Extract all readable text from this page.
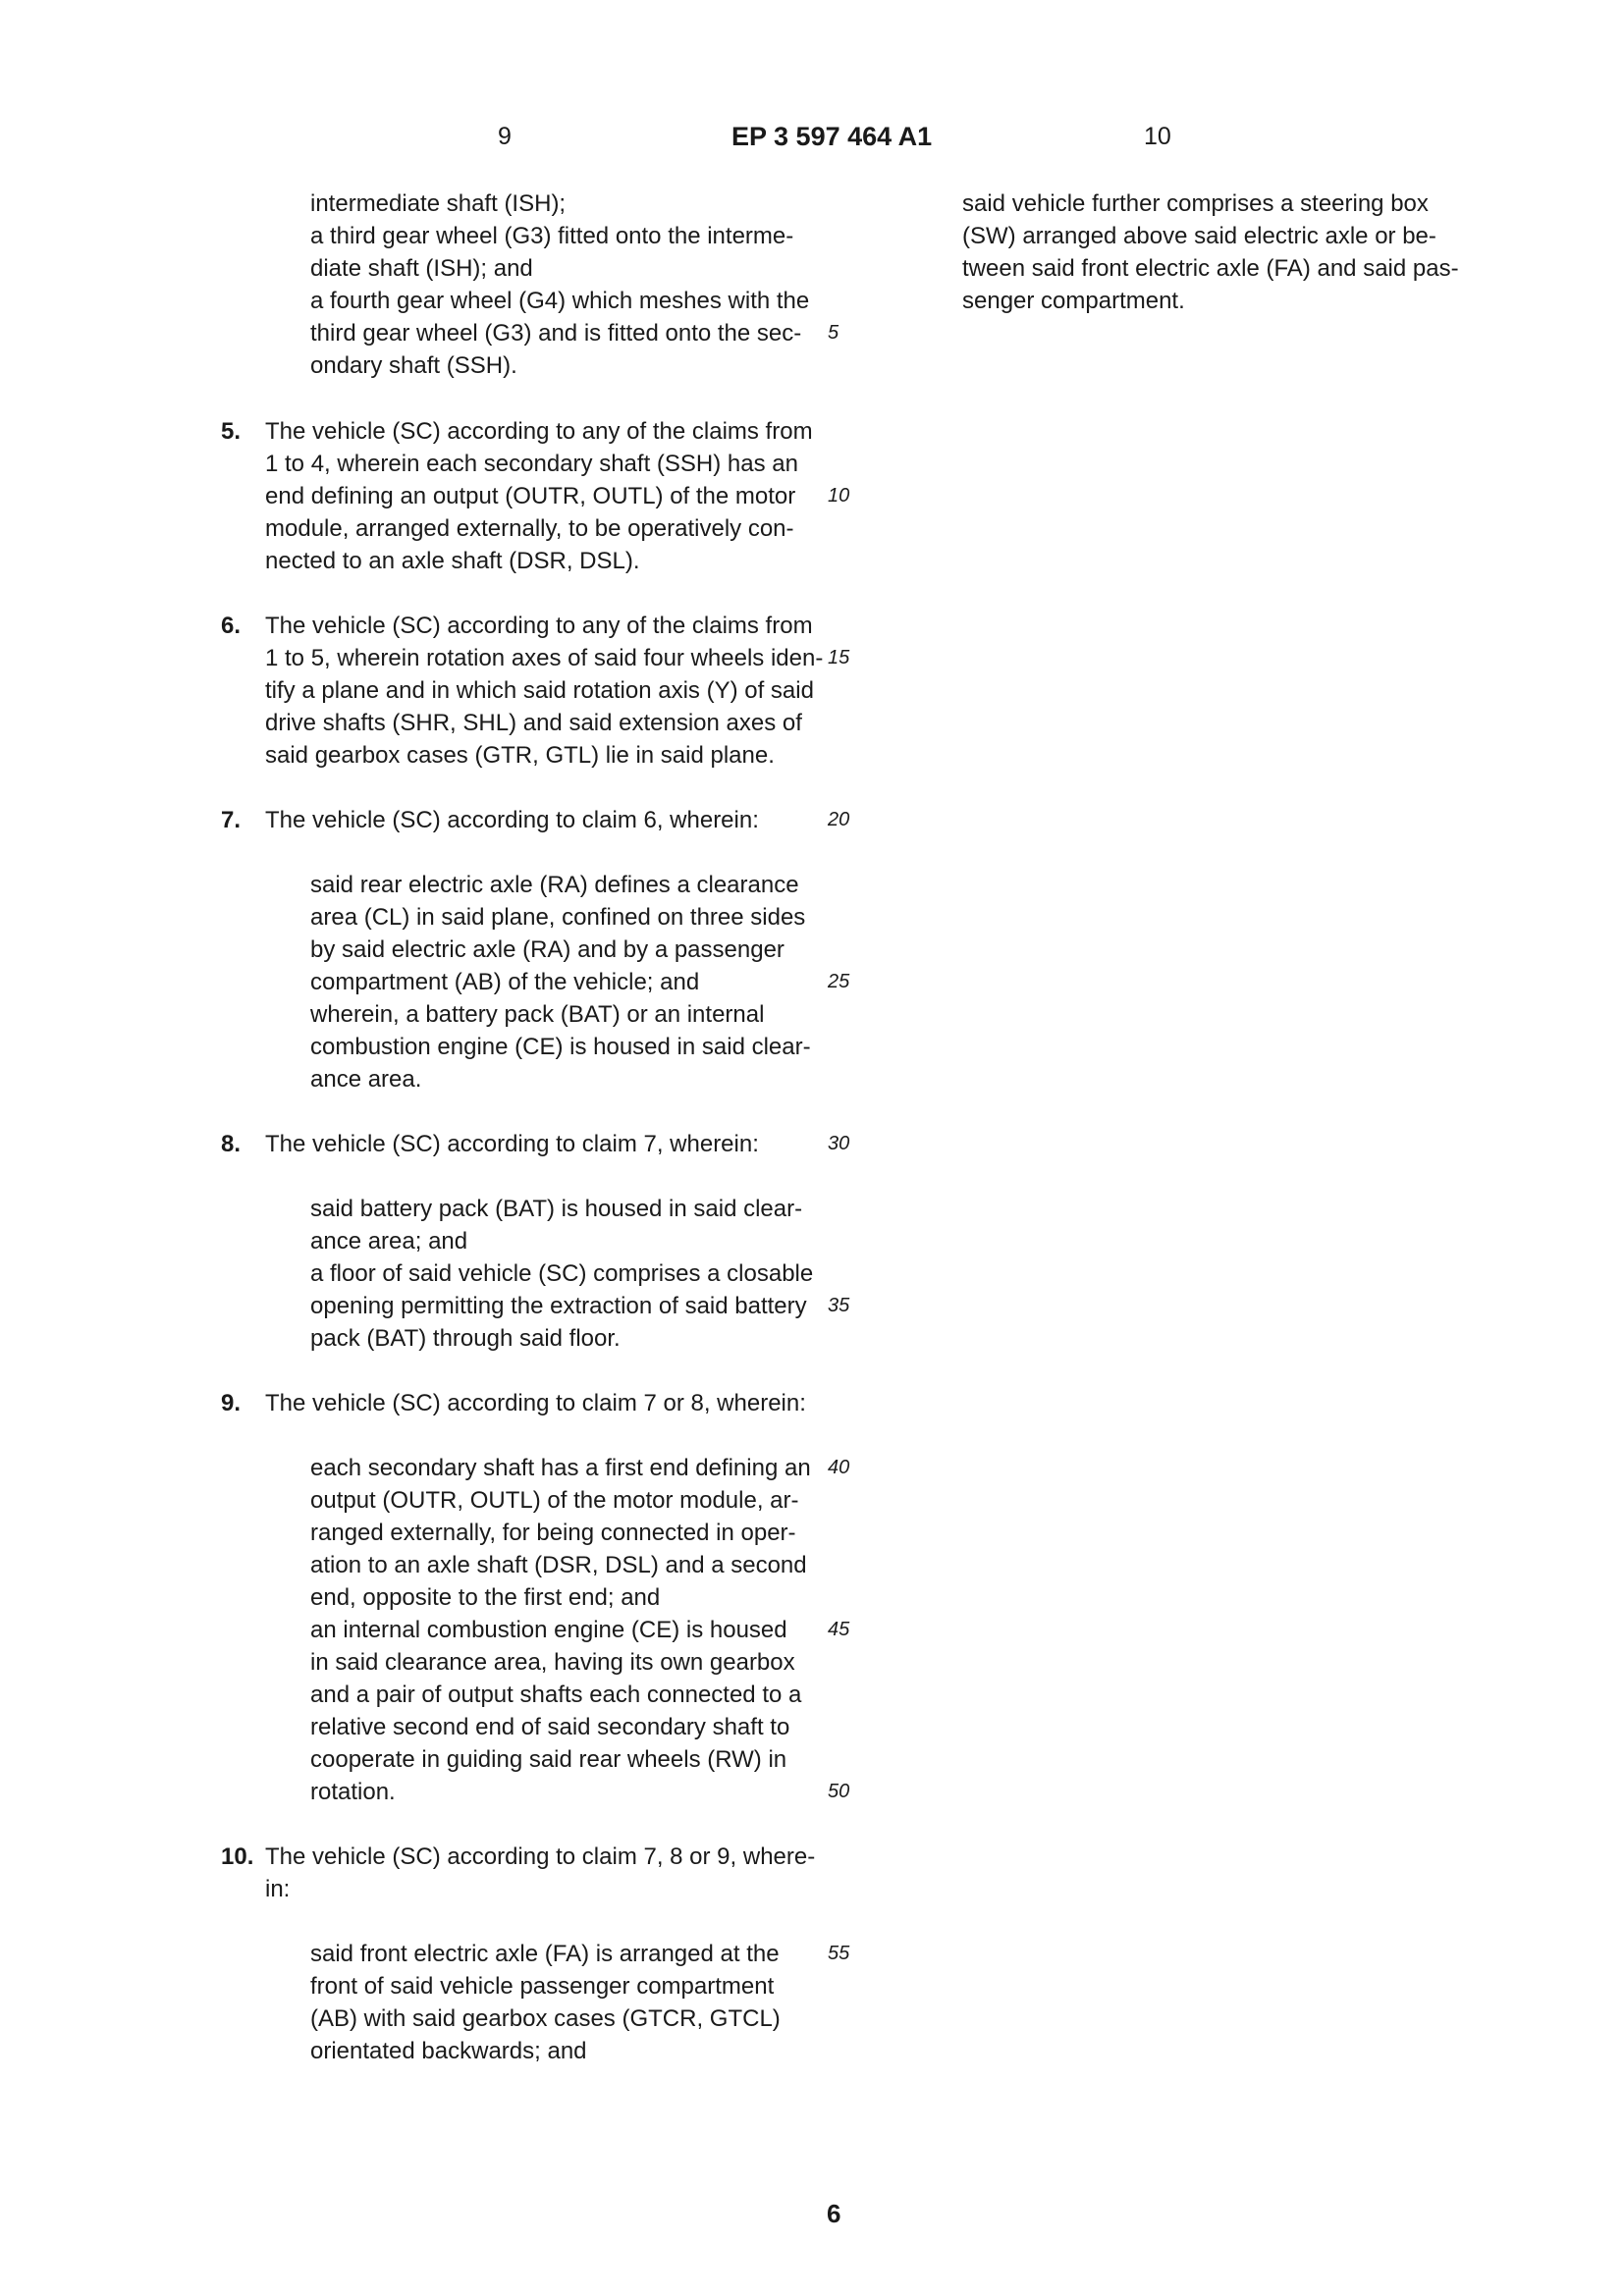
9	EP 3 597 464 A1	10

intermediate shaft (ISH);
a third gear wheel (G3) fitted onto the interme-
diate shaft (ISH); and
a fourth gear wheel (G4) which meshes with the
third gear wheel (G3) and is fitted onto the sec-
ondary shaft (SSH).

5. The vehicle (SC) according to any of the claims from
1 to 4, wherein each secondary shaft (SSH) has an
end defining an output (OUTR, OUTL) of the motor
module, arranged externally, to be operatively con-
nected to an axle shaft (DSR, DSL).

6. The vehicle (SC) according to any of the claims from
1 to 5, wherein rotation axes of said four wheels iden-
tify a plane and in which said rotation axis (Y) of said
drive shafts (SHR, SHL) and said extension axes of
said gearbox cases (GTR, GTL) lie in said plane.

7. The vehicle (SC) according to claim 6, wherein:

said rear electric axle (RA) defines a clearance
area (CL) in said plane, confined on three sides
by said electric axle (RA) and by a passenger
compartment (AB) of the vehicle; and
wherein, a battery pack (BAT) or an internal
combustion engine (CE) is housed in said clear-
ance area.

8. The vehicle (SC) according to claim 7, wherein:

said battery pack (BAT) is housed in said clear-
ance area; and
a floor of said vehicle (SC) comprises a closable
opening permitting the extraction of said battery
pack (BAT) through said floor.

9. The vehicle (SC) according to claim 7 or 8, wherein:

each secondary shaft has a first end defining an
output (OUTR, OUTL) of the motor module, ar-
ranged externally, for being connected in oper-
ation to an axle shaft (DSR, DSL) and a second
end, opposite to the first end; and
an internal combustion engine (CE) is housed
in said clearance area, having its own gearbox
and a pair of output shafts each connected to a
relative second end of said secondary shaft to
cooperate in guiding said rear wheels (RW) in
rotation.

10. The vehicle (SC) according to claim 7, 8 or 9, where-
in:

said front electric axle (FA) is arranged at the
front of said vehicle passenger compartment
(AB) with said gearbox cases (GTCR, GTCL)
orientated backwards; and

said vehicle further comprises a steering box
(SW) arranged above said electric axle or be-
tween said front electric axle (FA) and said pas-
senger compartment.

5
10
15
20
25
30
35
40
45
50
55
6
